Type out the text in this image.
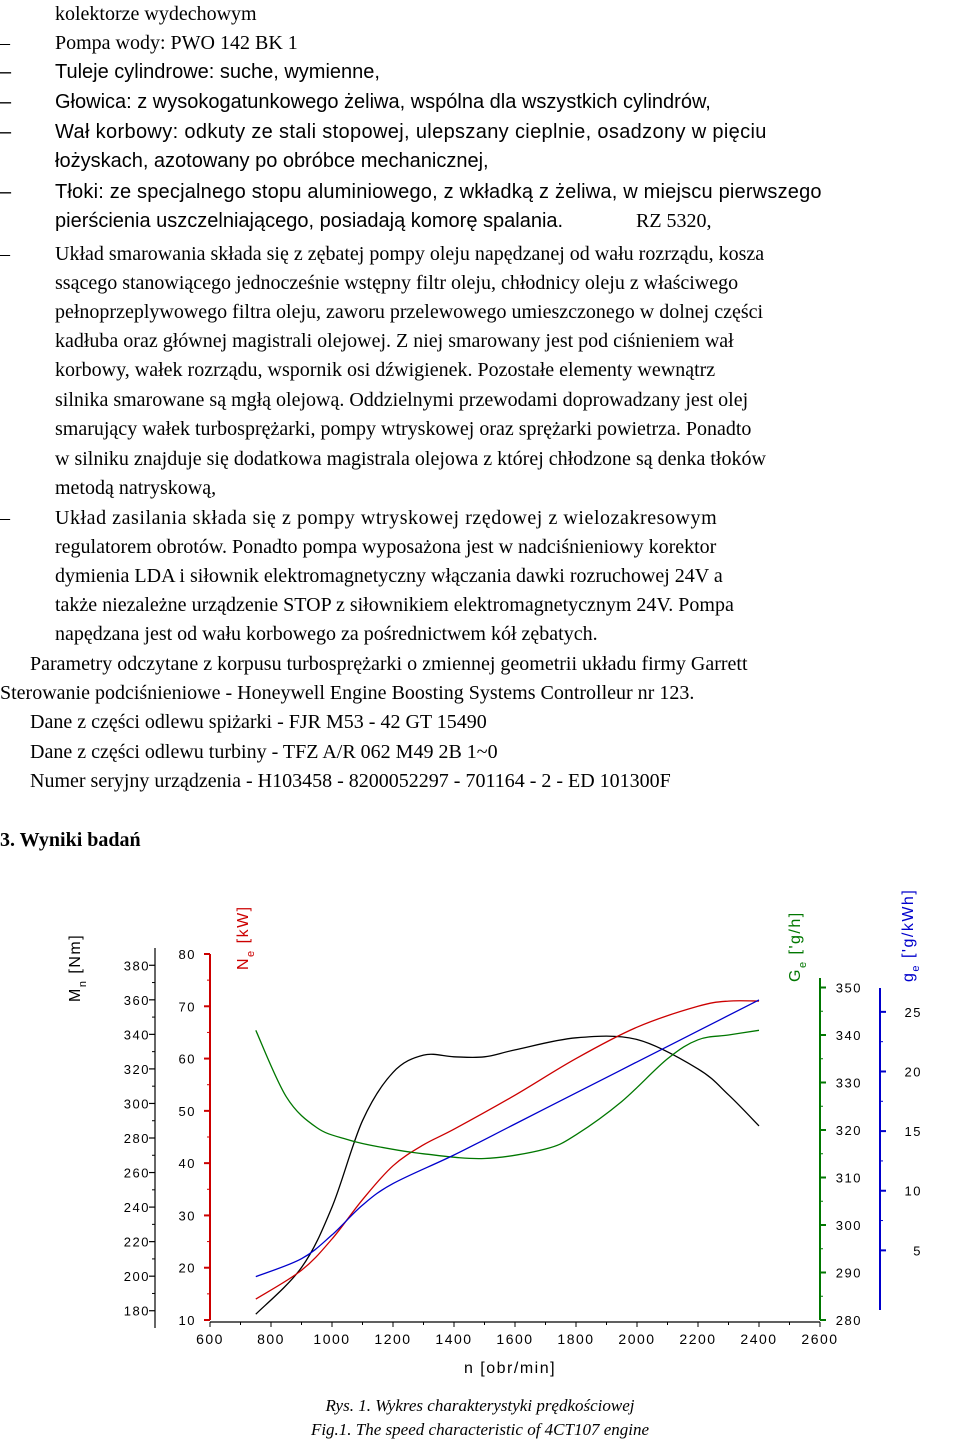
kolektorze wydechowym
– Pompa wody: PWO 142 BK 1
– Tuleje cylindrowe: suche, wymienne,
– Głowica: z wysokogatunkowego żeliwa, wspólna dla wszystkich cylindrów,
– Wał korbowy: odkuty ze stali stopowej, ulepszany cieplnie, osadzony w pięciu
łożyskach, azotowany po obróbce mechanicznej,
– Tłoki: ze specjalnego stopu aluminiowego, z wkładką z żeliwa, w miejscu pierwszego
pierścienia uszczelniającego, posiadają komorę spalania.	RZ 5320,
– Układ smarowania składa się z zębatej pompy oleju napędzanej od wału rozrządu, kosza
ssącego stanowiącego jednocześnie wstępny filtr oleju, chłodnicy oleju z właściwego
pełnoprzeplywowego filtra oleju, zaworu przelewowego umieszczonego w dolnej części
kadłuba oraz głównej magistrali olejowej. Z niej smarowany jest pod ciśnieniem wał
korbowy, wałek rozrządu, wspornik osi dźwigienek. Pozostałe elementy wewnątrz
silnika smarowane są mgłą olejową. Oddzielnymi przewodami doprowadzany jest olej
smarujący wałek turbosprężarki, pompy wtryskowej oraz sprężarki powietrza. Ponadto
w silniku znajduje się dodatkowa magistrala olejowa z której chłodzone są denka tłoków
metodą natryskową,
– Układ zasilania składa się z pompy wtryskowej rzędowej z wielozakresowym
regulatorem obrotów. Ponadto pompa wyposażona jest w nadciśnieniowy korektor
dymienia LDA i siłownik elektromagnetyczny włączania dawki rozruchowej 24V a
także niezależne urządzenie STOP z siłownikiem elektromagnetycznym 24V. Pompa
napędzana jest od wału korbowego za pośrednictwem kół zębatych.
Parametry odczytane z korpusu turbosprężarki o zmiennej geometrii układu firmy Garrett
Sterowanie podciśnieniowe - Honeywell Engine Boosting Systems Controlleur nr 123.
Dane z części odlewu spiżarki - FJR M53 - 42 GT 15490
Dane z części odlewu turbiny - TFZ A/R 062 M49 2B 1~0
Numer seryjny urządzenia - H103458 - 8200052297 - 701164 - 2 - ED 101300F
3. Wyniki badań
180
200
220
240
260
280
300
320
340
360
380
10
20
30
40
50
60
70
80
280
290
300
310
320
330
340
350
5
10
15
20
25
600 800 1000 1200 1400 1600 1800 2000 2200 2400 2600
n [obr/min]
$M_n$ [Nm]	$N_e$ [kW]
$G_e$ ['g/h]
$g_e$ ['g/kWh]
Rys. 1. Wykres charakterystyki prędkościowej
Fig.1. The speed characteristic of 4CT107 engine
